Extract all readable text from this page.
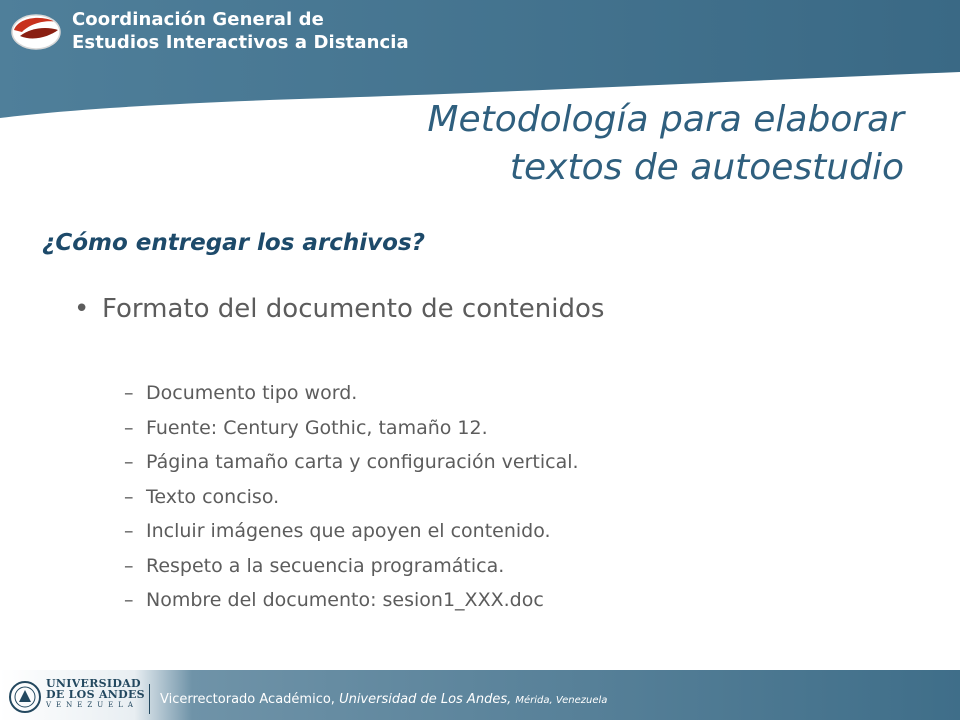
Coordinación General de
Estudios Interactivos a Distancia
Metodología para elaborar
textos de autoestudio
¿Cómo entregar los archivos?
• Formato del documento de contenidos
– Documento tipo word.
– Fuente: Century Gothic, tamaño 12.
– Página tamaño carta y configuración vertical.
– Texto conciso.
– Incluir imágenes que apoyen el contenido.
– Respeto a la secuencia programática.
– Nombre del documento: sesion1_XXX.doc
UNIVERSIDAD
DE LOS ANDES
VENEZUELA	Vicerrectorado Académico, Universidad de Los Andes, Mérida, Venezuela
